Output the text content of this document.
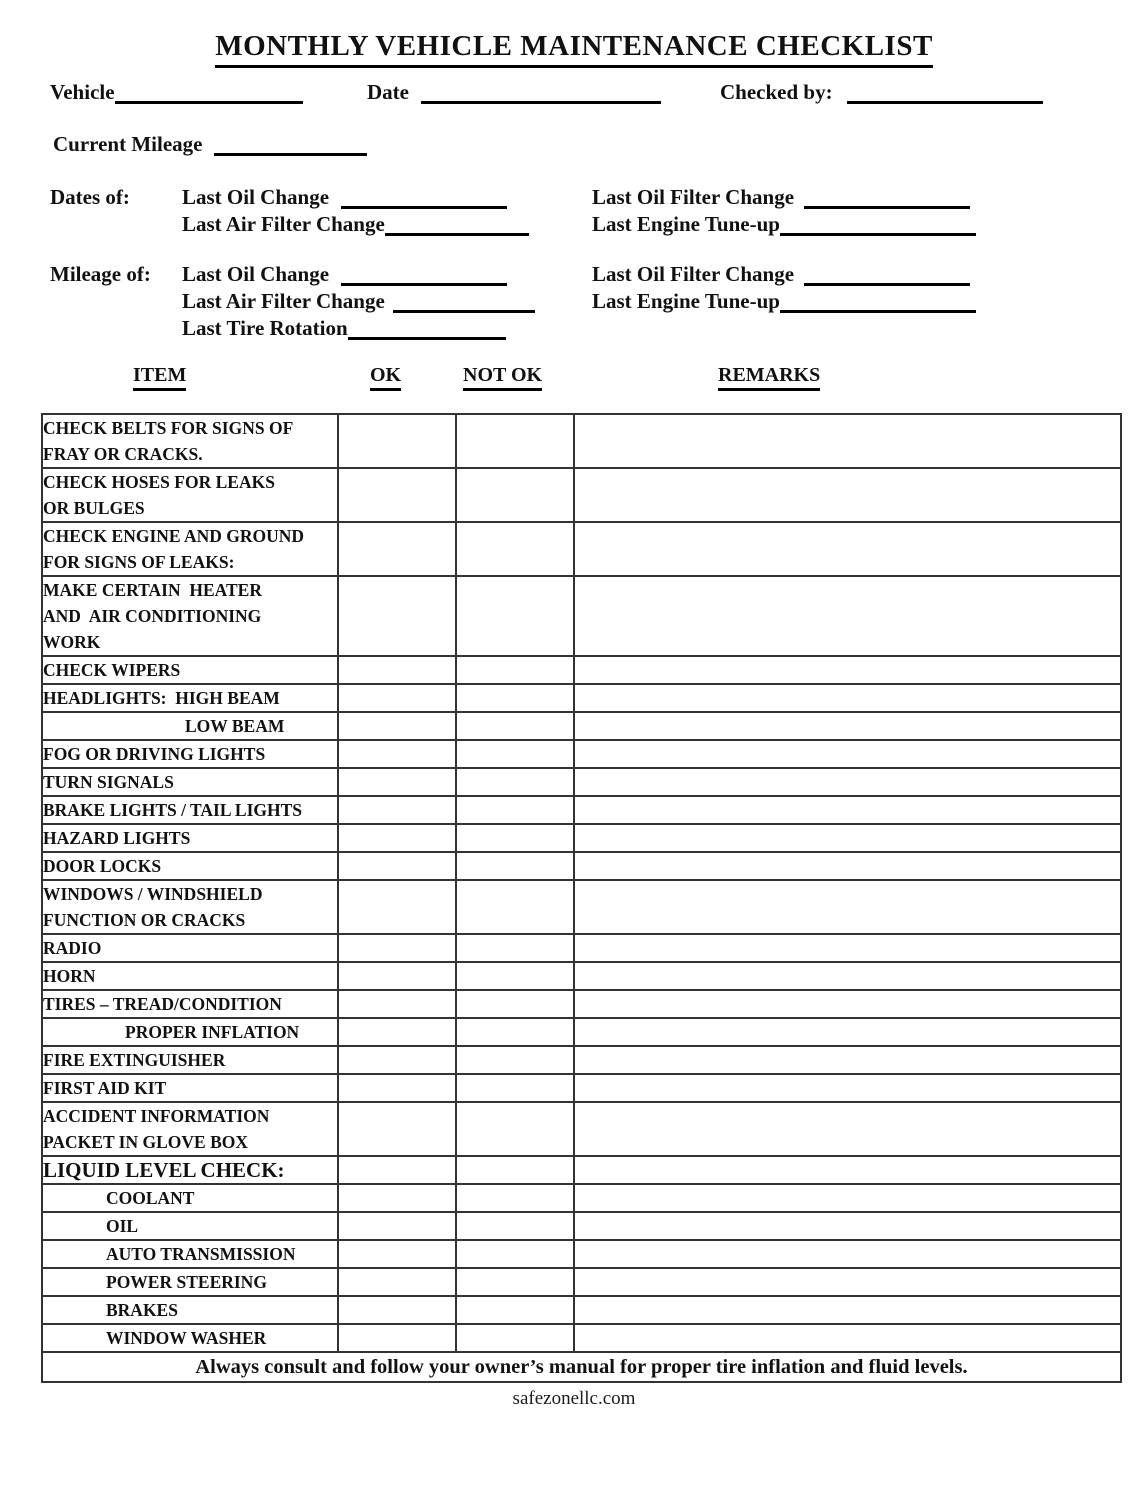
MONTHLY VEHICLE MAINTENANCE CHECKLIST
Vehicle	Date	Checked by:
Current Mileage
Dates of: Last Oil Change	Last Oil Filter Change
Last Air Filter Change	Last Engine Tune-up
Mileage of: Last Oil Change	Last Oil Filter Change
Last Air Filter Change	Last Engine Tune-up
Last Tire Rotation
ITEM	OK	NOT OK	REMARKS
CHECK BELTS FOR SIGNS OF
FRAY OR CRACKS.			

CHECK HOSES FOR LEAKS
OR BULGES			

CHECK ENGINE AND GROUND
FOR SIGNS OF LEAKS:			

MAKE CERTAIN  HEATER
AND  AIR CONDITIONING
WORK			

CHECK WIPERS			

HEADLIGHTS:  HIGH BEAM			

LOW BEAM			

FOG OR DRIVING LIGHTS			

TURN SIGNALS			

BRAKE LIGHTS / TAIL LIGHTS			

HAZARD LIGHTS			

DOOR LOCKS			

WINDOWS / WINDSHIELD
FUNCTION OR CRACKS			

RADIO			

HORN			

TIRES – TREAD/CONDITION			

PROPER INFLATION			

FIRE EXTINGUISHER			

FIRST AID KIT			

ACCIDENT INFORMATION
PACKET IN GLOVE BOX			

LIQUID LEVEL CHECK:			

COOLANT			

OIL			

AUTO TRANSMISSION			

POWER STEERING			

BRAKES			

WINDOW WASHER			

Always consult and follow your owner’s manual for proper tire inflation and fluid levels.			
safezonellc.com
